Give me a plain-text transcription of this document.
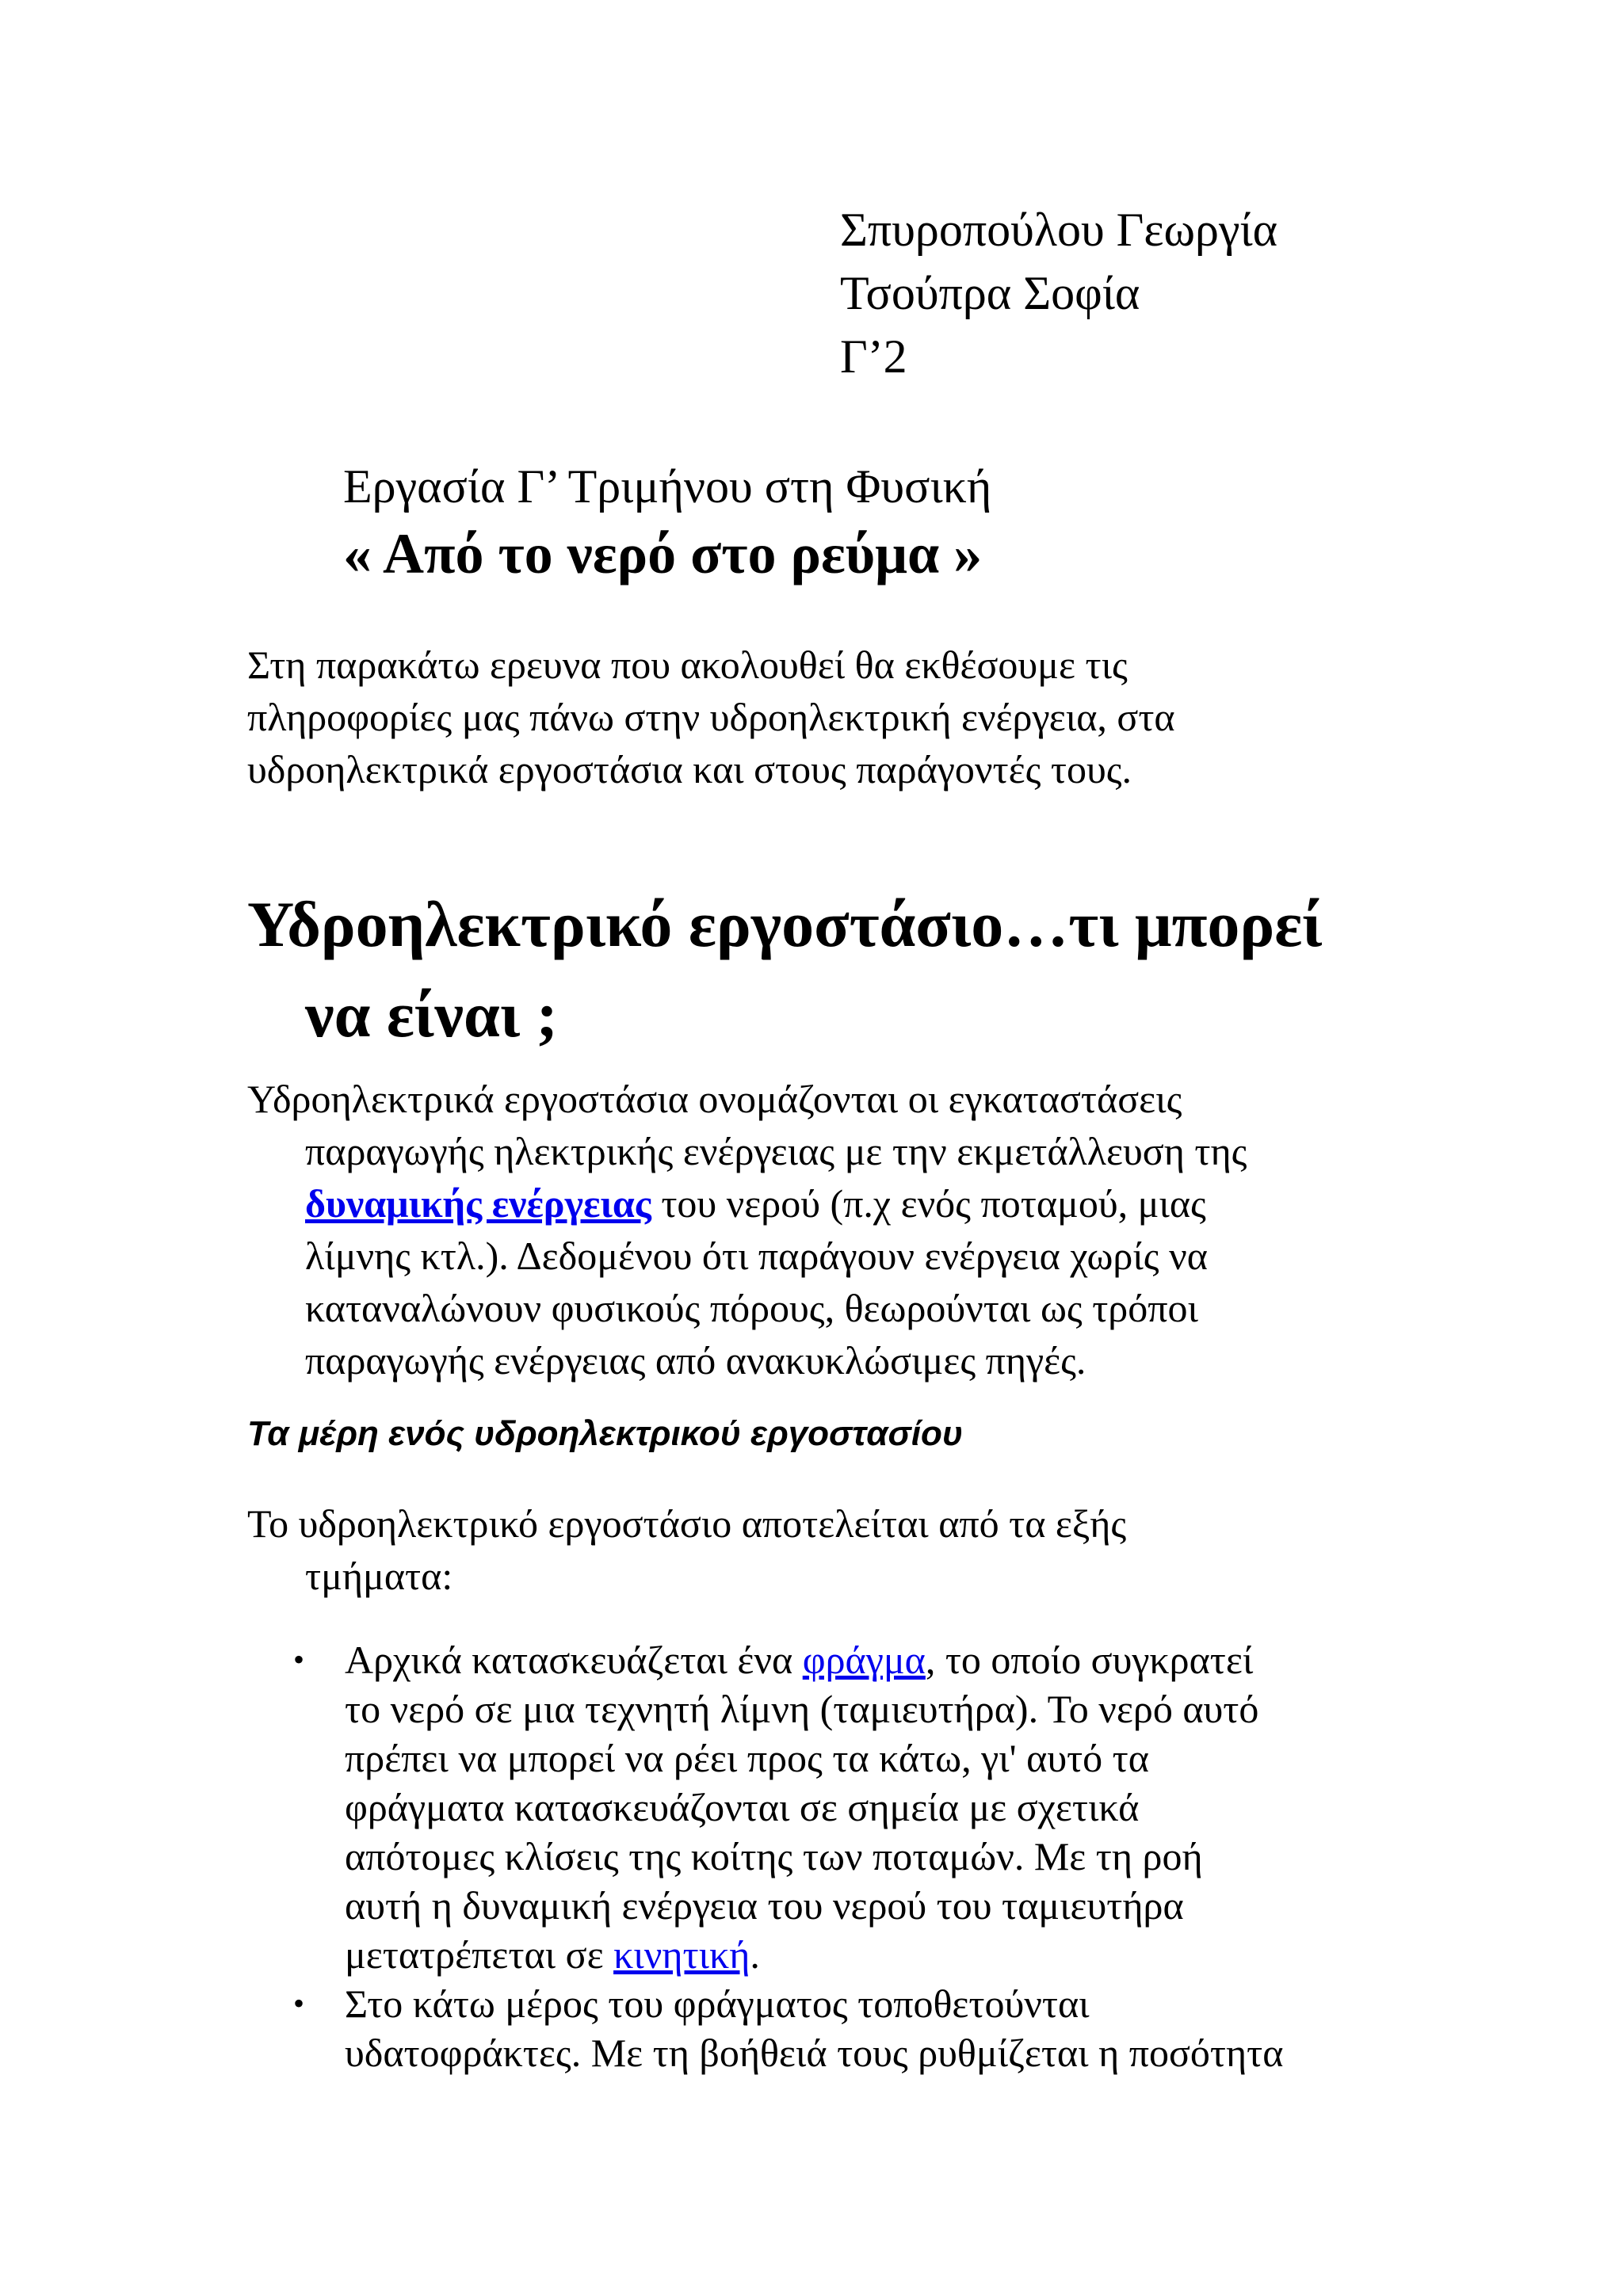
Σπυροπούλου Γεωργία
Τσούπρα Σοφία
Γ’2
Εργασία Γ’ Τριμήνου στη Φυσική
« Από το νερό στο ρεύμα »
Στη παρακάτω ερευνα που ακολουθεί θα εκθέσουμε τις
πληροφορίες μας πάνω στην υδροηλεκτρική ενέργεια, στα
υδροηλεκτρικά εργοστάσια και στους παράγοντές τους.
Υδροηλεκτρικό εργοστάσιο…τι μπορεί
να είναι ;
Υδροηλεκτρικά εργοστάσια ονομάζονται οι εγκαταστάσεις
παραγωγής ηλεκτρικής ενέργειας με την εκμετάλλευση της
δυναμικής ενέργειας του νερού (π.χ ενός ποταμού, μιας
λίμνης κτλ.). Δεδομένου ότι παράγουν ενέργεια χωρίς να
καταναλώνουν φυσικούς πόρους, θεωρούνται ως τρόποι
παραγωγής ενέργειας από ανακυκλώσιμες πηγές.
Τα μέρη ενός υδροηλεκτρικού εργοστασίου
Το υδροηλεκτρικό εργοστάσιο αποτελείται από τα εξής
τμήματα:
•	Αρχικά κατασκευάζεται ένα φράγμα, το οποίο συγκρατεί
το νερό σε μια τεχνητή λίμνη (ταμιευτήρα). Το νερό αυτό
πρέπει να μπορεί να ρέει προς τα κάτω, γι' αυτό τα
φράγματα κατασκευάζονται σε σημεία με σχετικά
απότομες κλίσεις της κοίτης των ποταμών. Με τη ροή
αυτή η δυναμική ενέργεια του νερού του ταμιευτήρα
μετατρέπεται σε κινητική.
•	Στο κάτω μέρος του φράγματος τοποθετούνται
υδατοφράκτες. Με τη βοήθειά τους ρυθμίζεται η ποσότητα
